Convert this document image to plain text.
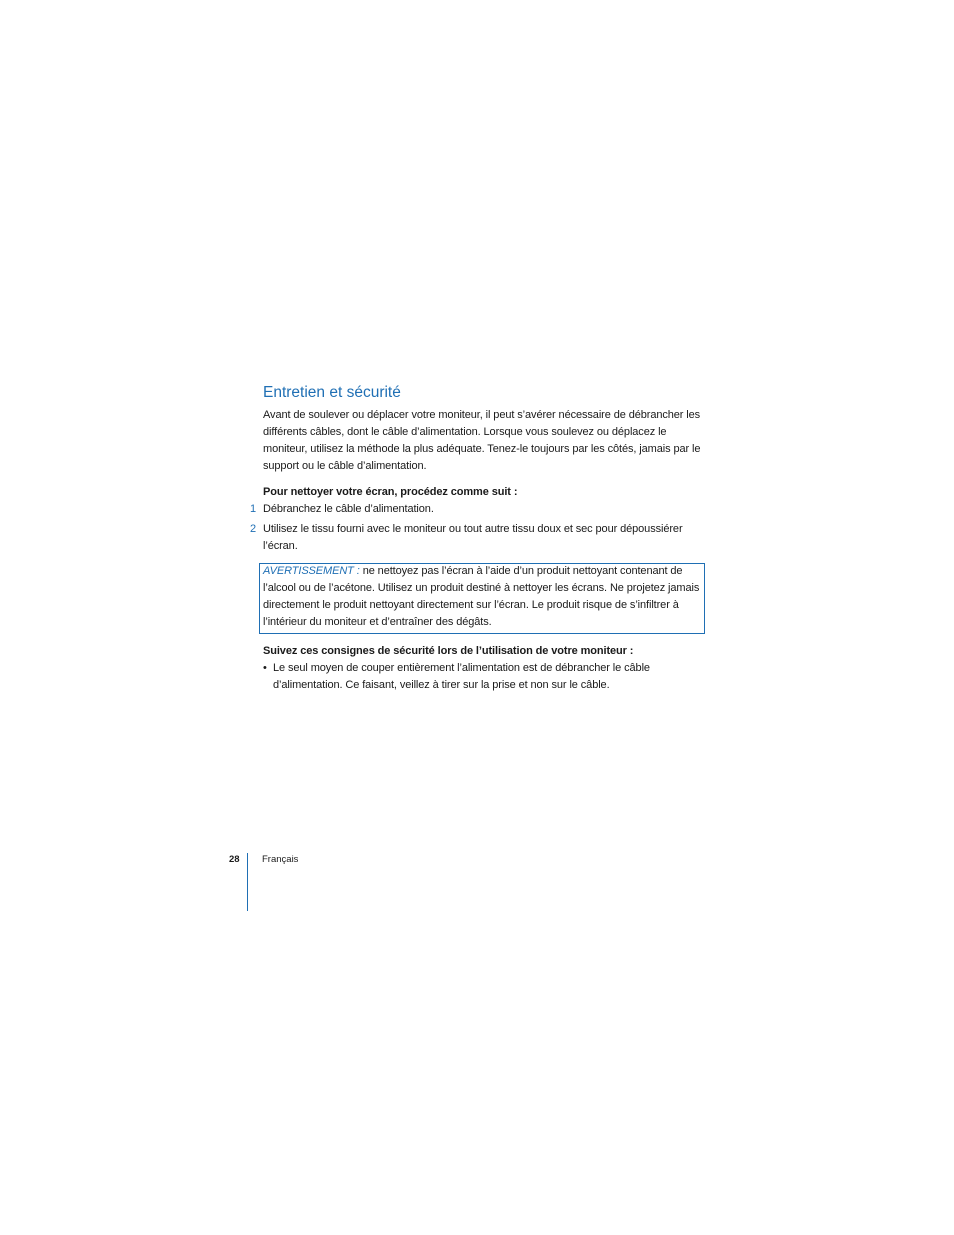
Entretien et sécurité

Avant de soulever ou déplacer votre moniteur, il peut s’avérer nécessaire de débrancher les différents câbles, dont le câble d’alimentation. Lorsque vous soulevez ou déplacez le moniteur, utilisez la méthode la plus adéquate. Tenez-le toujours par les côtés, jamais par le support ou le câble d’alimentation.

Pour nettoyer votre écran, procédez comme suit :

1 Débranchez le câble d’alimentation.
2 Utilisez le tissu fourni avec le moniteur ou tout autre tissu doux et sec pour dépoussiérer l’écran.
AVERTISSEMENT : ne nettoyez pas l’écran à l’aide d’un produit nettoyant contenant de l’alcool ou de l’acétone. Utilisez un produit destiné à nettoyer les écrans. Ne projetez jamais directement le produit nettoyant directement sur l’écran. Le produit risque de s’infiltrer à l’intérieur du moniteur et d’entraîner des dégâts.

Suivez ces consignes de sécurité lors de l’utilisation de votre moniteur :

• Le seul moyen de couper entièrement l’alimentation est de débrancher le câble d’alimentation. Ce faisant, veillez à tirer sur la prise et non sur le câble.
28 Français
